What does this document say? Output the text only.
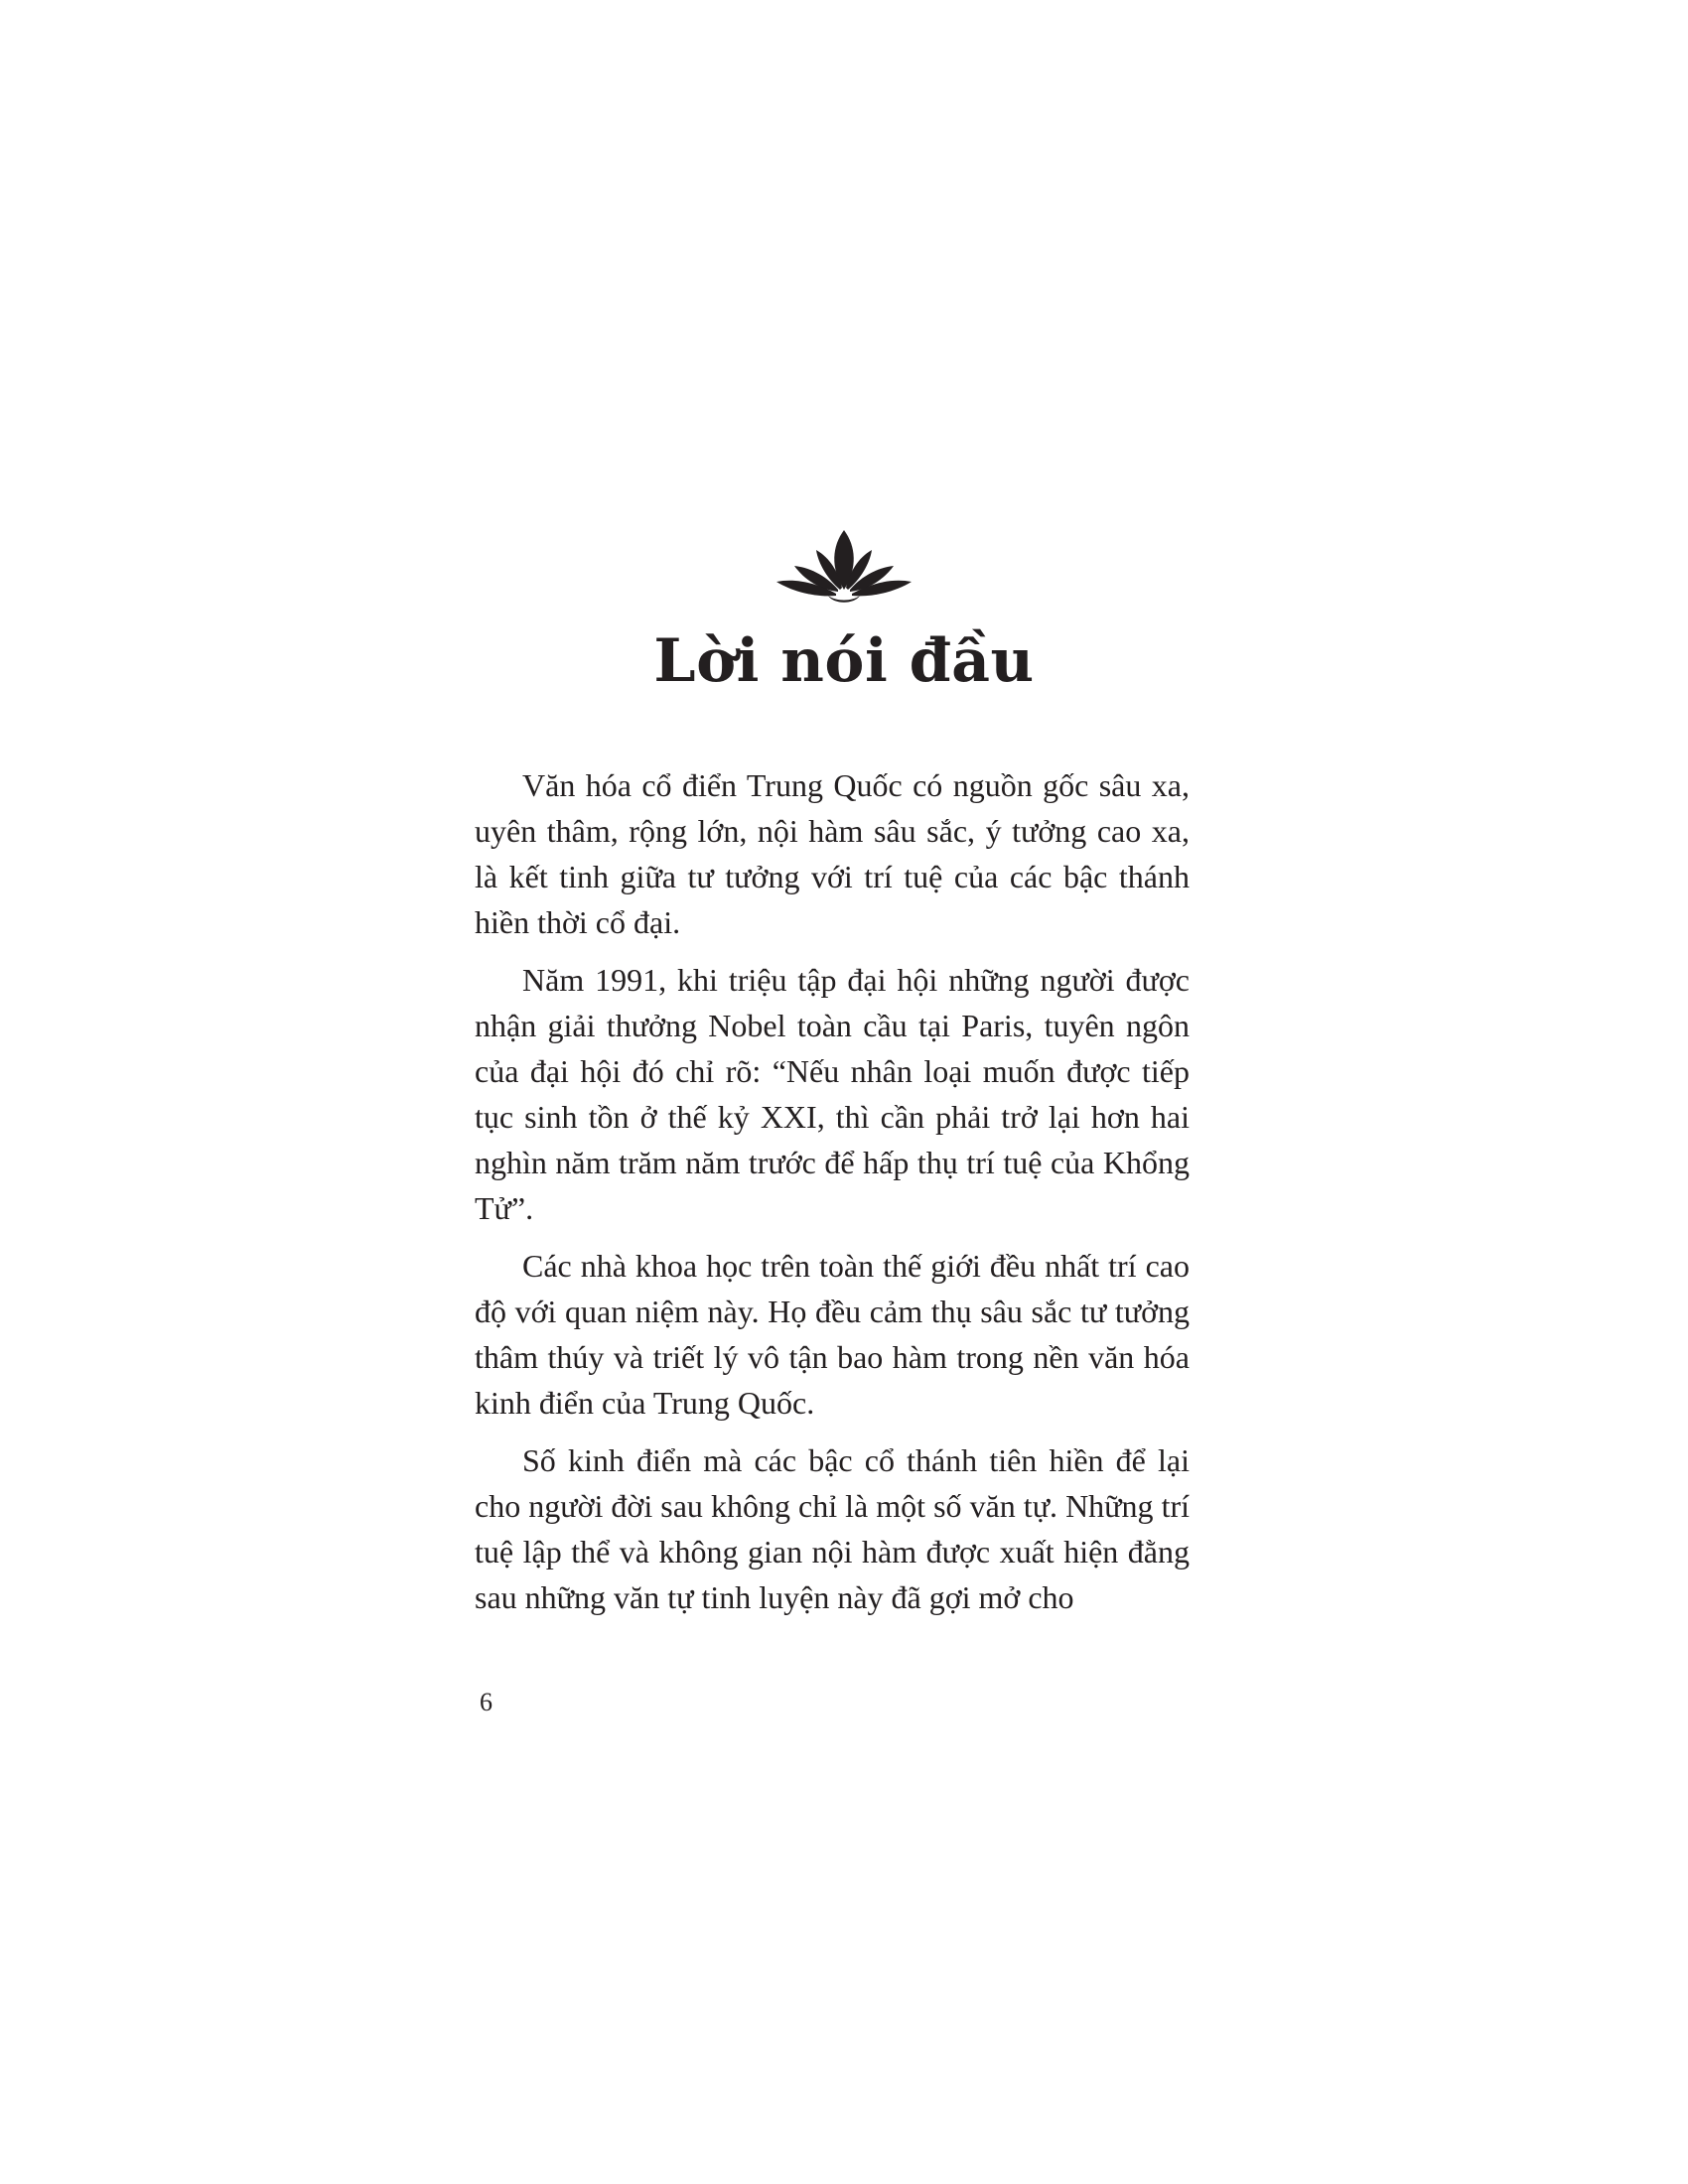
Lời nói đầu

Văn hóa cổ điển Trung Quốc có nguồn gốc sâu xa, uyên thâm, rộng lớn, nội hàm sâu sắc, ý tưởng cao xa, là kết tinh giữa tư tưởng với trí tuệ của các bậc thánh hiền thời cổ đại.

Năm 1991, khi triệu tập đại hội những người được nhận giải thưởng Nobel toàn cầu tại Paris, tuyên ngôn của đại hội đó chỉ rõ: “Nếu nhân loại muốn được tiếp tục sinh tồn ở thế kỷ XXI, thì cần phải trở lại hơn hai nghìn năm trăm năm trước để hấp thụ trí tuệ của Khổng Tử”.

Các nhà khoa học trên toàn thế giới đều nhất trí cao độ với quan niệm này. Họ đều cảm thụ sâu sắc tư tưởng thâm thúy và triết lý vô tận bao hàm trong nền văn hóa kinh điển của Trung Quốc.

Số kinh điển mà các bậc cổ thánh tiên hiền để lại cho người đời sau không chỉ là một số văn tự. Những trí tuệ lập thể và không gian nội hàm được xuất hiện đằng sau những văn tự tinh luyện này đã gợi mở cho

6
